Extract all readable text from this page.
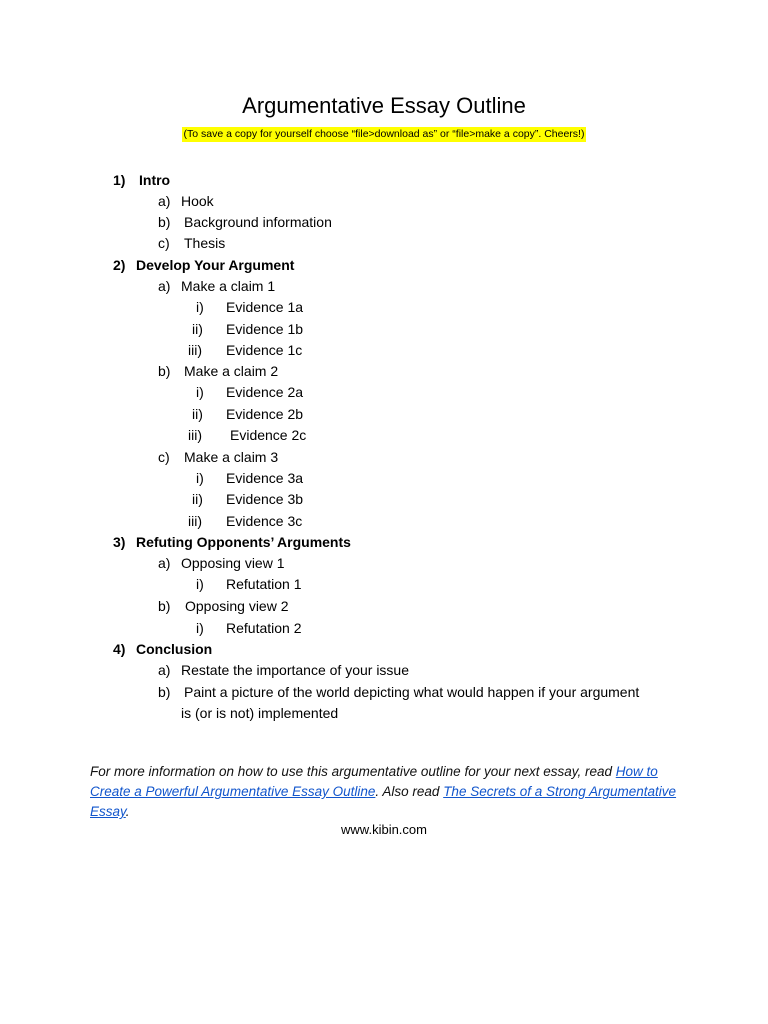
Argumentative Essay Outline
(To save a copy for yourself choose “file>download as” or “file>make a copy”. Cheers!)
1) Intro
a) Hook
b) Background information
c) Thesis
2) Develop Your Argument
a) Make a claim 1
i) Evidence 1a
ii) Evidence 1b
iii) Evidence 1c
b) Make a claim 2
i) Evidence 2a
ii) Evidence 2b
iii) Evidence 2c
c) Make a claim 3
i) Evidence 3a
ii) Evidence 3b
iii) Evidence 3c
3) Refuting Opponents’ Arguments
a) Opposing view 1
i) Refutation 1
b) Opposing view 2
i) Refutation 2
4) Conclusion
a) Restate the importance of your issue
b) Paint a picture of the world depicting what would happen if your argument
is (or is not) implemented
For more information on how to use this argumentative outline for your next essay, read How to Create a Powerful Argumentative Essay Outline. Also read The Secrets of a Strong Argumentative Essay.
www.kibin.com
